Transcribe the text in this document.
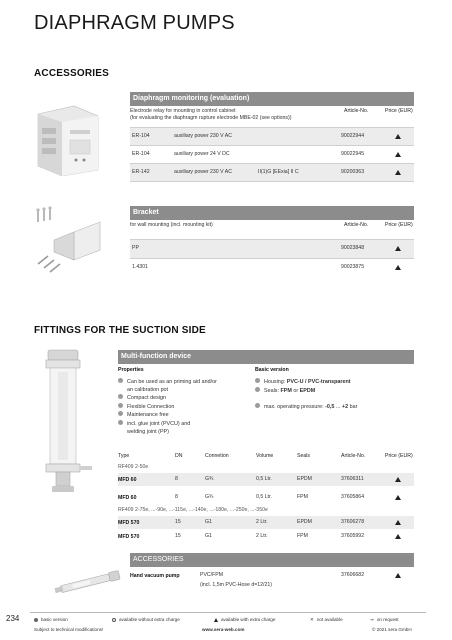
DIAPHRAGM PUMPS
ACCESSORIES
Diaphragm monitoring (evaluation)
Electrode relay for mounting in control cabinet
(for evaluating the diaphragm rupture electrode MBE-02 (see options))
Article-No.	Price (EUR)
ER-104	auxiliary power 230 V AC	90022944
ER-104	auxiliary power 24 V DC	90022945
ER-142	auxiliary power 230 V AC	II(1)G [EExia] II C	90200363
Bracket
for wall mounting (incl. mounting kit)	Article-No.	Price (EUR)
PP	90023848
1.4301	90023875
FITTINGS FOR THE SUCTION SIDE
Multi-function device
Properties	Basic version
Can be used as an priming aid and/or
an calibration pot
Compact design
Flexible Connection
Maintenance free
incl. glue joint (PVCU) and
welding joint (PP)
Housing: PVC-U / PVC-transparent
Seals: FPM or EPDM
max. operating pressure: -0,5 ... +2 bar
Type	DN	Connetion	Volume	Seals	Article-No.	Price (EUR)
RF409 2-50e
MFD 60	8	G¾	0,5 Ltr.	EPDM	37606311
MFD 60	8	G¾	0,5 Ltr.	FPM	37605864
RF409 2-75e, ...-90e, ...-115e, ...-140e, ...-180e, ...-250e, ...-350e
MFD 570	15	G1	2 Ltr.	EPDM	37606278
MFD 570	15	G1	2 Ltr.	FPM	37605992
ACCESSORIES
Hand vacuum pump	PVC/FPM	37606682
(incl. 1,5m PVC-Hose d=12/21)
234	basic version	available without extra charge	available with extra charge	✕ not available	⇒ on request
Subject to technical modifications!	www.sera-web.com	© 2021 sera GmbH
